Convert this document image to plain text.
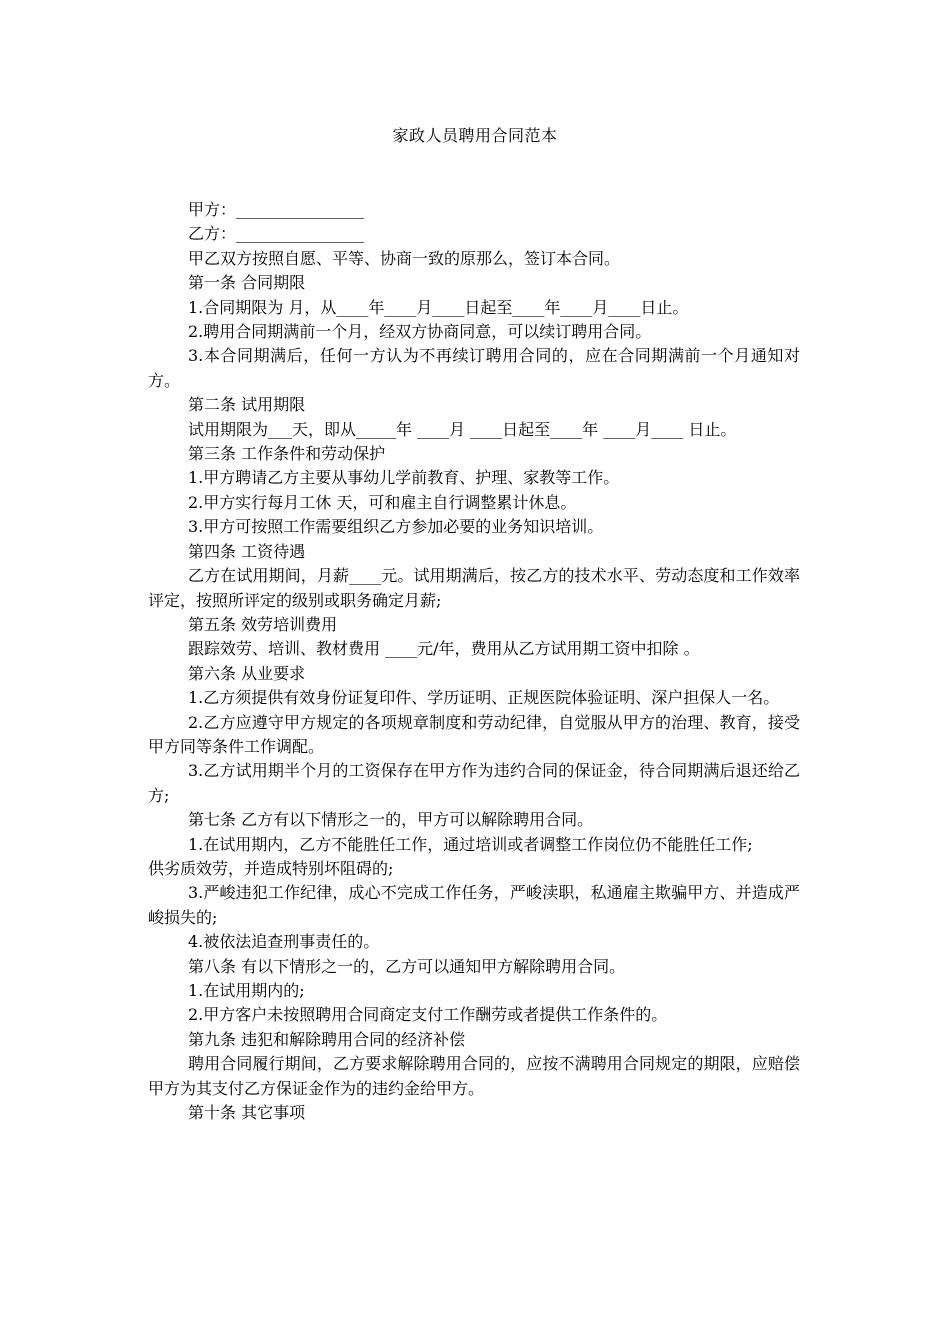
家政人员聘用合同范本

甲方：________________

乙方：________________

甲乙双方按照自愿、平等、协商一致的原那么，签订本合同。

第一条 合同期限

1.合同期限为 月，从____年____月____日起至____年____月____日止。

2.聘用合同期满前一个月，经双方协商同意，可以续订聘用合同。

3.本合同期满后，任何一方认为不再续订聘用合同的，应在合同期满前一个月通知对方。

第二条 试用期限

试用期限为___天，即从_____年 ____月 ____日起至____年 ____月____ 日止。

第三条 工作条件和劳动保护

1.甲方聘请乙方主要从事幼儿学前教育、护理、家教等工作。

2.甲方实行每月工休 天，可和雇主自行调整累计休息。

3.甲方可按照工作需要组织乙方参加必要的业务知识培训。

第四条 工资待遇

乙方在试用期间，月薪____元。试用期满后，按乙方的技术水平、劳动态度和工作效率评定，按照所评定的级别或职务确定月薪;

第五条 效劳培训费用

跟踪效劳、培训、教材费用 ____元/年，费用从乙方试用期工资中扣除 。

第六条 从业要求

1.乙方须提供有效身份证复印件、学历证明、正规医院体验证明、深户担保人一名。

2.乙方应遵守甲方规定的各项规章制度和劳动纪律，自觉服从甲方的治理、教育，接受甲方同等条件工作调配。

3.乙方试用期半个月的工资保存在甲方作为违约合同的保证金，待合同期满后退还给乙方;

第七条 乙方有以下情形之一的，甲方可以解除聘用合同。

1.在试用期内，乙方不能胜任工作，通过培训或者调整工作岗位仍不能胜任工作;

供劣质效劳，并造成特别坏阻碍的;

3.严峻违犯工作纪律，成心不完成工作任务，严峻渎职，私通雇主欺骗甲方、并造成严峻损失的;

4.被依法追查刑事责任的。

第八条 有以下情形之一的，乙方可以通知甲方解除聘用合同。

1.在试用期内的;

2.甲方客户未按照聘用合同商定支付工作酬劳或者提供工作条件的。

第九条 违犯和解除聘用合同的经济补偿

聘用合同履行期间，乙方要求解除聘用合同的，应按不满聘用合同规定的期限，应赔偿甲方为其支付乙方保证金作为的违约金给甲方。

第十条 其它事项
